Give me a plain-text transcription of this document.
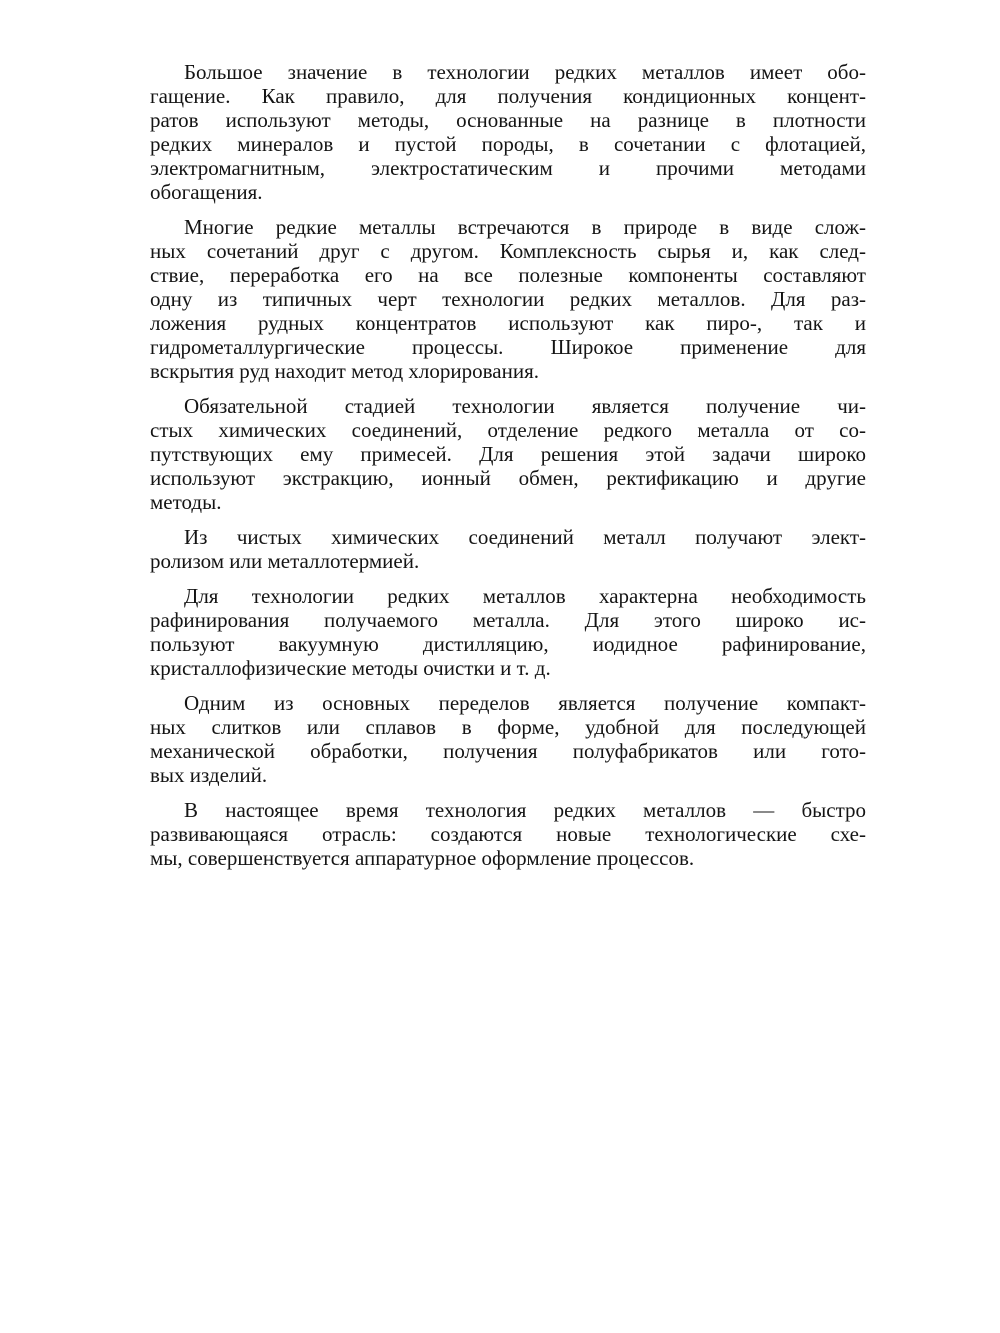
Большое значение в технологии редких металлов имеет обо-
гащение. Как правило, для получения кондиционных концент-
ратов используют методы, основанные на разнице в плотности
редких минералов и пустой породы, в сочетании с флотацией,
электромагнитным, электростатическим и прочими методами
обогащения.

Многие редкие металлы встречаются в природе в виде слож-
ных сочетаний друг с другом. Комплексность сырья и, как след-
ствие, переработка его на все полезные компоненты составляют
одну из типичных черт технологии редких металлов. Для раз-
ложения рудных концентратов используют как пиро-, так и
гидрометаллургические процессы. Широкое применение для
вскрытия руд находит метод хлорирования.

Обязательной стадией технологии является получение чи-
стых химических соединений, отделение редкого металла от со-
путствующих ему примесей. Для решения этой задачи широко
используют экстракцию, ионный обмен, ректификацию и другие
методы.

Из чистых химических соединений металл получают элект-
ролизом или металлотермией.

Для технологии редких металлов характерна необходимость
рафинирования получаемого металла. Для этого широко ис-
пользуют вакуумную дистилляцию, иодидное рафинирование,
кристаллофизические методы очистки и т. д.

Одним из основных переделов является получение компакт-
ных слитков или сплавов в форме, удобной для последующей
механической обработки, получения полуфабрикатов или гото-
вых изделий.

В настоящее время технология редких металлов — быстро
развивающаяся отрасль: создаются новые технологические схе-
мы, совершенствуется аппаратурное оформление процессов.
